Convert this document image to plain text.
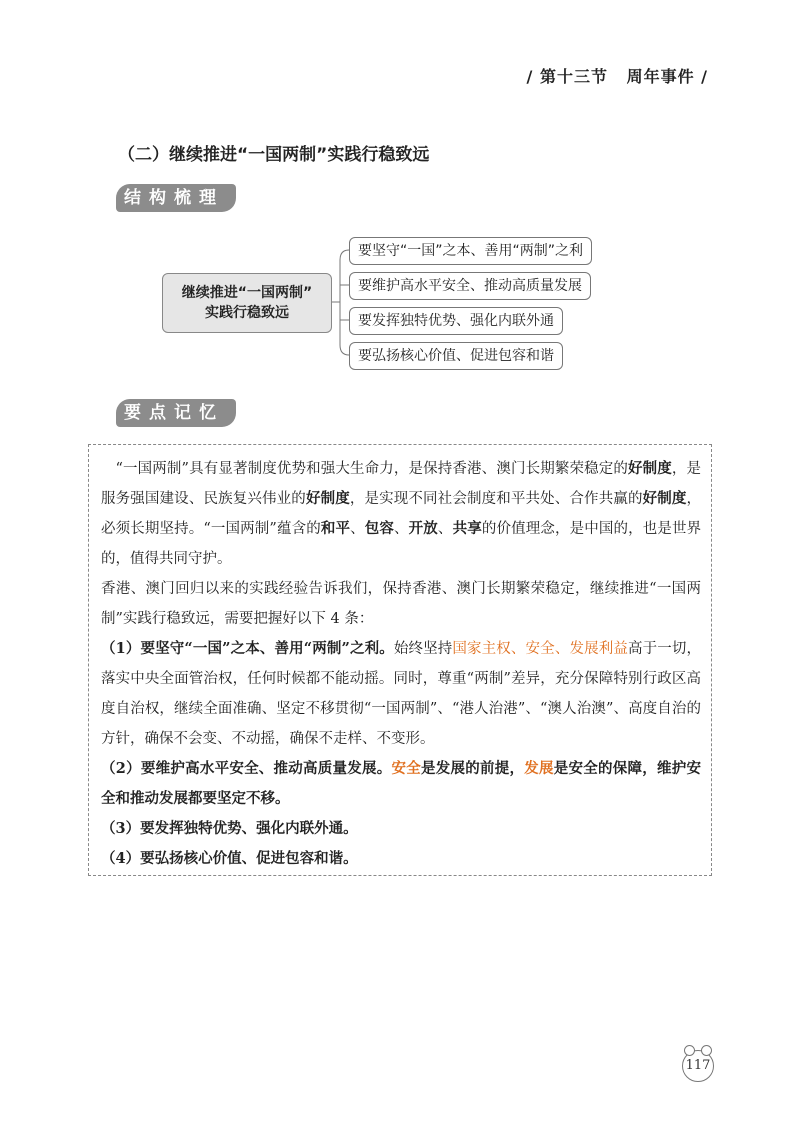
/ 第十三节 周年事件 /
（二）继续推进“一国两制”实践行稳致远
结构梳理
继续推进“一国两制”
实践行稳致远
要坚守“一国”之本、善用“两制”之利
要维护高水平安全、推动高质量发展
要发挥独特优势、强化内联外通
要弘扬核心价值、促进包容和谐
要点记忆

“一国两制”具有显著制度优势和强大生命力，是保持香港、澳门长期繁荣稳定的好制度，是服务强国建设、民族复兴伟业的好制度，是实现不同社会制度和平共处、合作共赢的好制度，必须长期坚持。“一国两制”蕴含的和平、包容、开放、共享的价值理念，是中国的，也是世界的，值得共同守护。

香港、澳门回归以来的实践经验告诉我们，保持香港、澳门长期繁荣稳定，继续推进“一国两制”实践行稳致远，需要把握好以下 4 条：

（1）要坚守“一国”之本、善用“两制”之利。始终坚持国家主权、安全、发展利益高于一切，落实中央全面管治权，任何时候都不能动摇。同时，尊重“两制”差异，充分保障特别行政区高度自治权，继续全面准确、坚定不移贯彻“一国两制”、“港人治港”、“澳人治澳”、高度自治的方针，确保不会变、不动摇，确保不走样、不变形。

（2）要维护高水平安全、推动高质量发展。安全是发展的前提，发展是安全的保障，维护安全和推动发展都要坚定不移。

（3）要发挥独特优势、强化内联外通。

（4）要弘扬核心价值、促进包容和谐。

117
